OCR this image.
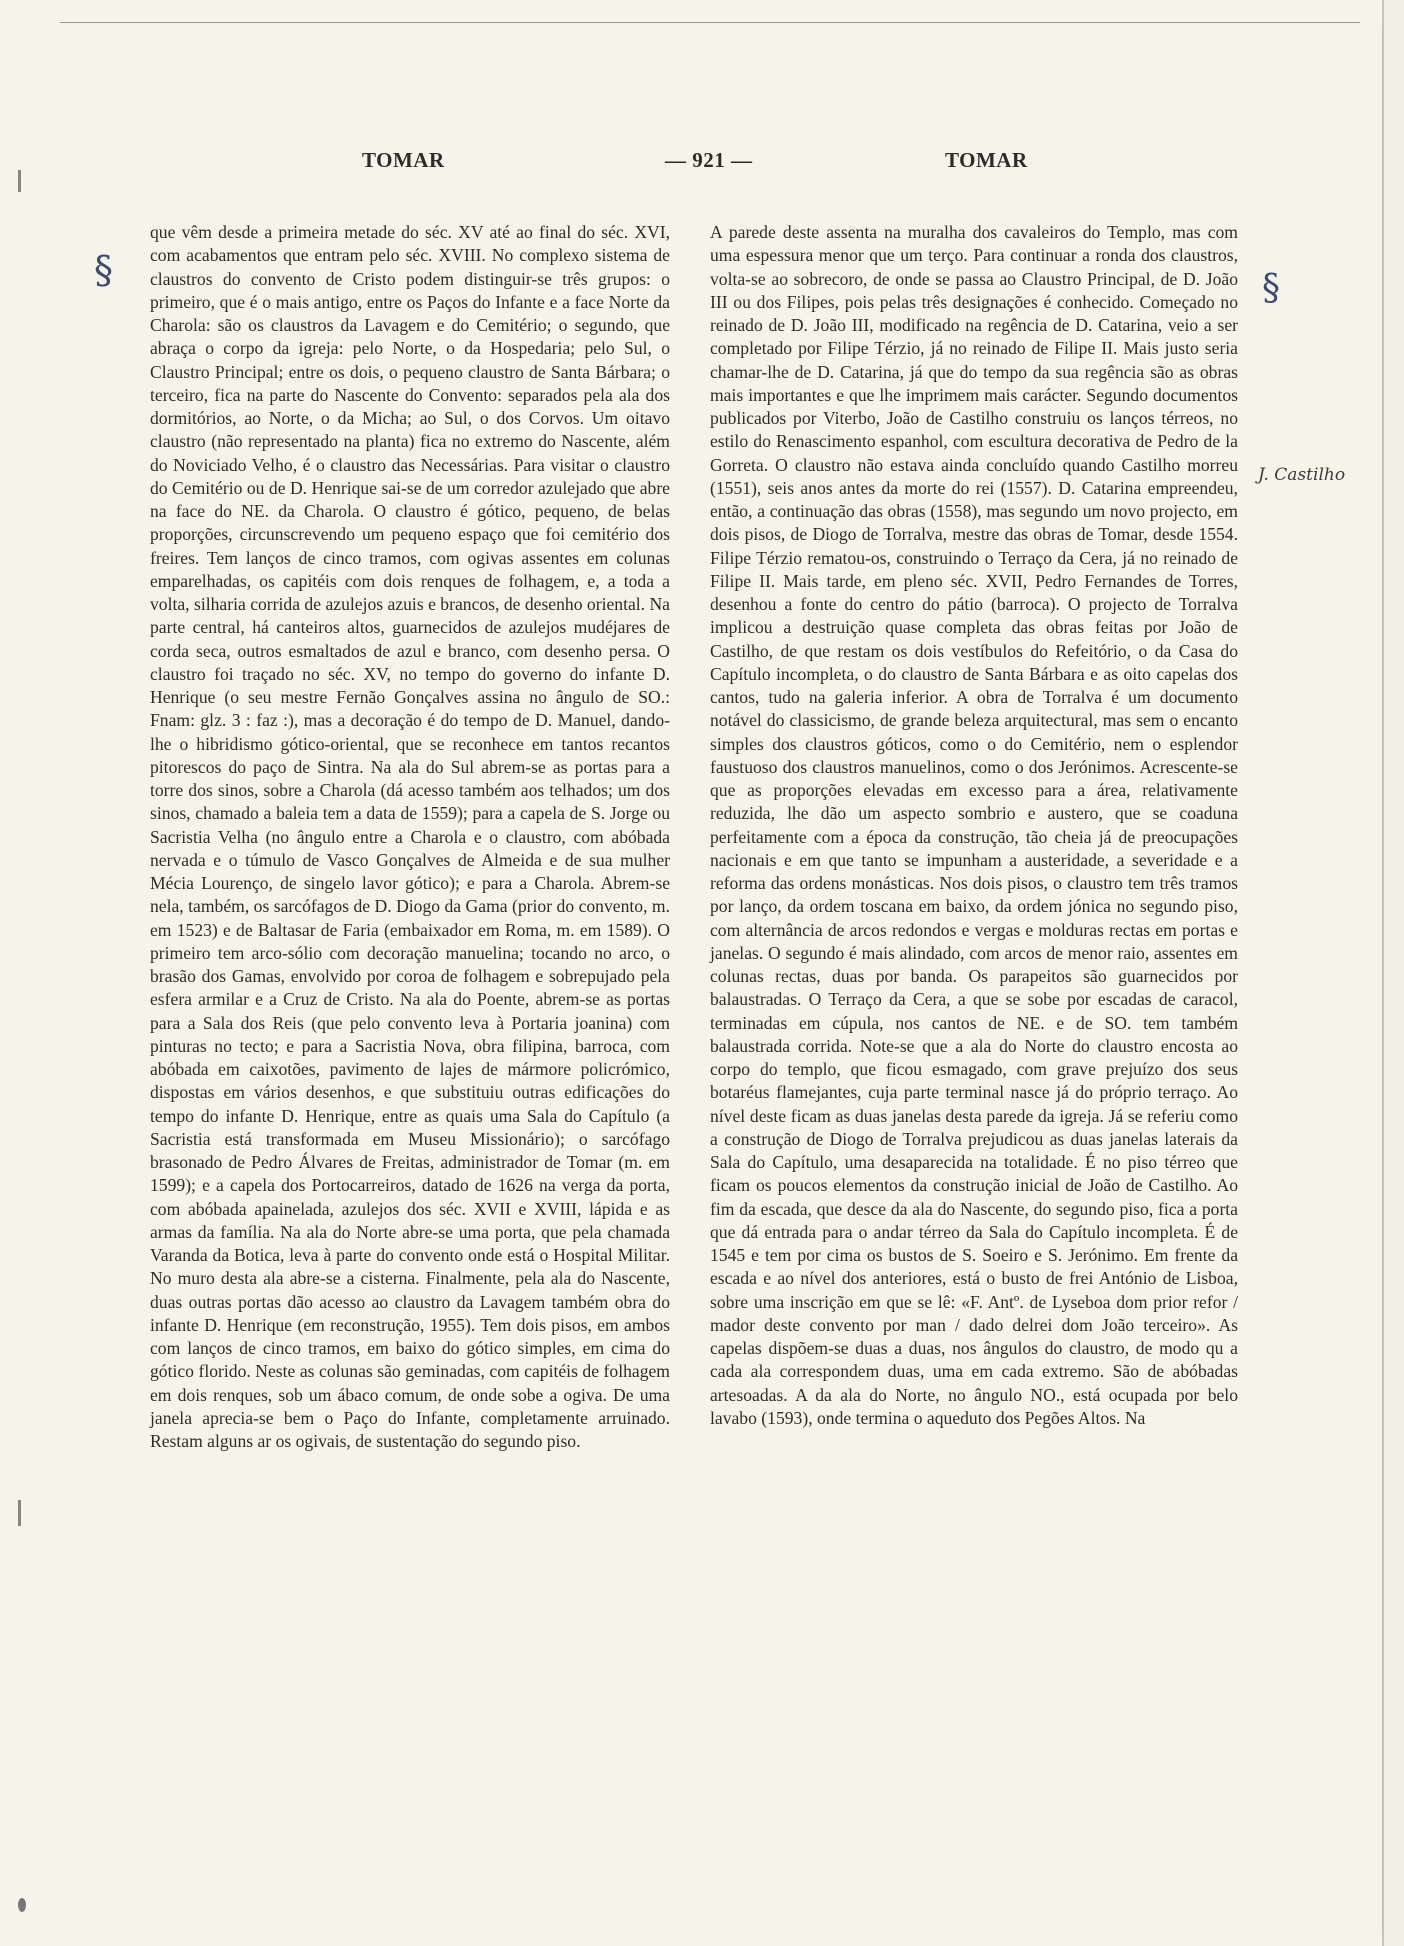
TOMAR	— 921 —	TOMAR

que vêm desde a primeira metade do séc. XV até ao final do séc. XVI, com acabamentos que entram pelo séc. XVIII. No complexo sistema de claustros do convento de Cristo podem distinguir-se três grupos: o primeiro, que é o mais antigo, entre os Paços do Infante e a face Norte da Charola: são os claustros da Lavagem e do Cemitério; o segundo, que abraça o corpo da igreja: pelo Norte, o da Hospedaria; pelo Sul, o Claustro Principal; entre os dois, o pequeno claustro de Santa Bárbara; o terceiro, fica na parte do Nascente do Convento: separados pela ala dos dormitórios, ao Norte, o da Micha; ao Sul, o dos Corvos. Um oitavo claustro (não representado na planta) fica no extremo do Nascente, além do Noviciado Velho, é o claustro das Necessárias. Para visitar o claustro do Cemitério ou de D. Henrique sai-se de um corredor azulejado que abre na face do NE. da Charola. O claustro é gótico, pequeno, de belas proporções, circunscrevendo um pequeno espaço que foi cemitério dos freires. Tem lanços de cinco tramos, com ogivas assentes em colunas emparelhadas, os capitéis com dois renques de folhagem, e, a toda a volta, silharia corrida de azulejos azuis e brancos, de desenho oriental. Na parte central, há canteiros altos, guarnecidos de azulejos mudéjares de corda seca, outros esmaltados de azul e branco, com desenho persa. O claustro foi traçado no séc. XV, no tempo do governo do infante D. Henrique (o seu mestre Fernão Gonçalves assina no ângulo de SO.: Fnam: glz. 3 : faz :), mas a decoração é do tempo de D. Manuel, dando-lhe o hibridismo gótico-oriental, que se reconhece em tantos recantos pitorescos do paço de Sintra. Na ala do Sul abrem-se as portas para a torre dos sinos, sobre a Charola (dá acesso também aos telhados; um dos sinos, chamado a baleia tem a data de 1559); para a capela de S. Jorge ou Sacristia Velha (no ângulo entre a Charola e o claustro, com abóbada nervada e o túmulo de Vasco Gonçalves de Almeida e de sua mulher Mécia Lourenço, de singelo lavor gótico); e para a Charola. Abrem-se nela, também, os sarcófagos de D. Diogo da Gama (prior do convento, m. em 1523) e de Baltasar de Faria (embaixador em Roma, m. em 1589). O primeiro tem arco-sólio com decoração manuelina; tocando no arco, o brasão dos Gamas, envolvido por coroa de folhagem e sobrepujado pela esfera armilar e a Cruz de Cristo. Na ala do Poente, abrem-se as portas para a Sala dos Reis (que pelo convento leva à Portaria joanina) com pinturas no tecto; e para a Sacristia Nova, obra filipina, barroca, com abóbada em caixotões, pavimento de lajes de mármore policrómico, dispostas em vários desenhos, e que substituiu outras edificações do tempo do infante D. Henrique, entre as quais uma Sala do Capítulo (a Sacristia está transformada em Museu Missionário); o sarcófago brasonado de Pedro Álvares de Freitas, administrador de Tomar (m. em 1599); e a capela dos Portocarreiros, datado de 1626 na verga da porta, com abóbada apainelada, azulejos dos séc. XVII e XVIII, lápida e as armas da família. Na ala do Norte abre-se uma porta, que pela chamada Varanda da Botica, leva à parte do convento onde está o Hospital Militar. No muro desta ala abre-se a cisterna. Finalmente, pela ala do Nascente, duas outras portas dão acesso ao claustro da Lavagem também obra do infante D. Henrique (em reconstrução, 1955). Tem dois pisos, em ambos com lanços de cinco tramos, em baixo do gótico simples, em cima do gótico florido. Neste as colunas são geminadas, com capitéis de folhagem em dois renques, sob um ábaco comum, de onde sobe a ogiva. De uma janela aprecia-se bem o Paço do Infante, completamente arruinado. Restam alguns ar os ogivais, de sustentação do segundo piso.

A parede deste assenta na muralha dos cavaleiros do Templo, mas com uma espessura menor que um terço. Para continuar a ronda dos claustros, volta-se ao sobrecoro, de onde se passa ao Claustro Principal, de D. João III ou dos Filipes, pois pelas três designações é conhecido. Começado no reinado de D. João III, modificado na regência de D. Catarina, veio a ser completado por Filipe Térzio, já no reinado de Filipe II. Mais justo seria chamar-lhe de D. Catarina, já que do tempo da sua regência são as obras mais importantes e que lhe imprimem mais carácter. Segundo documentos publicados por Viterbo, João de Castilho construiu os lanços térreos, no estilo do Renascimento espanhol, com escultura decorativa de Pedro de la Gorreta. O claustro não estava ainda concluído quando Castilho morreu (1551), seis anos antes da morte do rei (1557). D. Catarina empreendeu, então, a continuação das obras (1558), mas segundo um novo projecto, em dois pisos, de Diogo de Torralva, mestre das obras de Tomar, desde 1554. Filipe Térzio rematou-os, construindo o Terraço da Cera, já no reinado de Filipe II. Mais tarde, em pleno séc. XVII, Pedro Fernandes de Torres, desenhou a fonte do centro do pátio (barroca). O projecto de Torralva implicou a destruição quase completa das obras feitas por João de Castilho, de que restam os dois vestíbulos do Refeitório, o da Casa do Capítulo incompleta, o do claustro de Santa Bárbara e as oito capelas dos cantos, tudo na galeria inferior. A obra de Torralva é um documento notável do classicismo, de grande beleza arquitectural, mas sem o encanto simples dos claustros góticos, como o do Cemitério, nem o esplendor faustuoso dos claustros manuelinos, como o dos Jerónimos. Acrescente-se que as proporções elevadas em excesso para a área, relativamente reduzida, lhe dão um aspecto sombrio e austero, que se coaduna perfeitamente com a época da construção, tão cheia já de preocupações nacionais e em que tanto se impunham a austeridade, a severidade e a reforma das ordens monásticas. Nos dois pisos, o claustro tem três tramos por lanço, da ordem toscana em baixo, da ordem jónica no segundo piso, com alternância de arcos redondos e vergas e molduras rectas em portas e janelas. O segundo é mais alindado, com arcos de menor raio, assentes em colunas rectas, duas por banda. Os parapeitos são guarnecidos por balaustradas. O Terraço da Cera, a que se sobe por escadas de caracol, terminadas em cúpula, nos cantos de NE. e de SO. tem também balaustrada corrida. Note-se que a ala do Norte do claustro encosta ao corpo do templo, que ficou esmagado, com grave prejuízo dos seus botaréus flamejantes, cuja parte terminal nasce já do próprio terraço. Ao nível deste ficam as duas janelas desta parede da igreja. Já se referiu como a construção de Diogo de Torralva prejudicou as duas janelas laterais da Sala do Capítulo, uma desaparecida na totalidade. É no piso térreo que ficam os poucos elementos da construção inicial de João de Castilho. Ao fim da escada, que desce da ala do Nascente, do segundo piso, fica a porta que dá entrada para o andar térreo da Sala do Capítulo incompleta. É de 1545 e tem por cima os bustos de S. Soeiro e S. Jerónimo. Em frente da escada e ao nível dos anteriores, está o busto de frei António de Lisboa, sobre uma inscrição em que se lê: «F. Antº. de Lyseboa dom prior refor / mador deste convento por man / dado delrei dom João terceiro». As capelas dispõem-se duas a duas, nos ângulos do claustro, de modo qu a cada ala correspondem duas, uma em cada extremo. São de abóbadas artesoadas. A da ala do Norte, no ângulo NO., está ocupada por belo lavabo (1593), onde termina o aqueduto dos Pegões Altos. Na

§	§
J. Castilho
